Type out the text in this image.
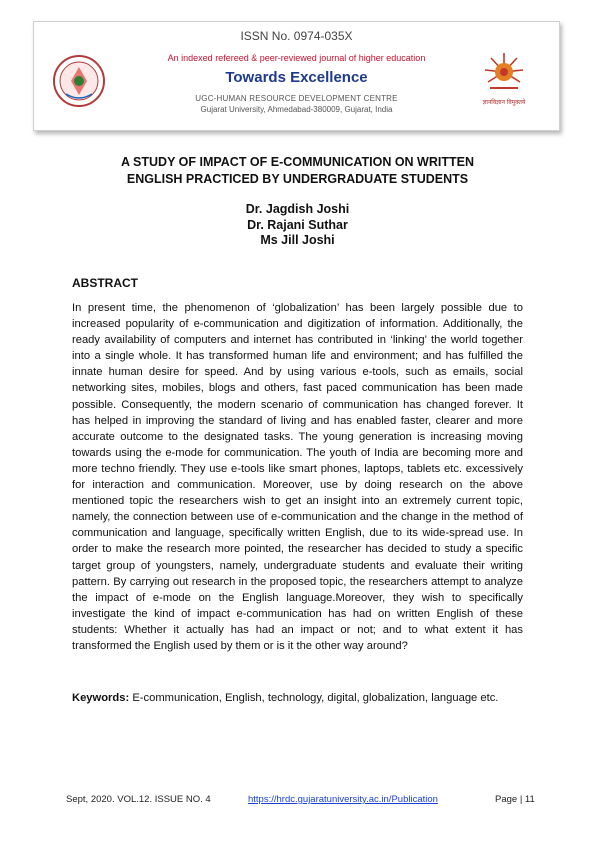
ISSN No. 0974-035X
An indexed refereed & peer-reviewed journal of higher education
Towards Excellence
UGC-HUMAN RESOURCE DEVELOPMENT CENTRE
Gujarat University, Ahmedabad-380009, Gujarat, India
ज्ञानविज्ञान विमुक्तये
A STUDY OF IMPACT OF E-COMMUNICATION ON WRITTEN
ENGLISH PRACTICED BY UNDERGRADUATE STUDENTS
Dr. Jagdish Joshi
Dr. Rajani Suthar
Ms Jill Joshi
ABSTRACT
In present time, the phenomenon of ‘globalization’ has been largely possible due to increased popularity of e-communication and digitization of information. Additionally, the ready availability of computers and internet has contributed in ‘linking’ the world together into a single whole. It has transformed human life and environment; and has fulfilled the innate human desire for speed. And by using various e-tools, such as emails, social networking sites, mobiles, blogs and others, fast paced communication has been made possible. Consequently, the modern scenario of communication has changed forever. It has helped in improving the standard of living and has enabled faster, clearer and more accurate outcome to the designated tasks. The young generation is increasing moving towards using the e-mode for communication. The youth of India are becoming more and more techno friendly. They use e-tools like smart phones, laptops, tablets etc. excessively for interaction and communication. Moreover, use by doing research on the above mentioned topic the researchers wish to get an insight into an extremely current topic, namely, the connection between use of e-communication and the change in the method of communication and language, specifically written English, due to its wide-spread use. In order to make the research more pointed, the researcher has decided to study a specific target group of youngsters, namely, undergraduate students and evaluate their writing pattern. By carrying out research in the proposed topic, the researchers attempt to analyze the impact of e-mode on the English language.Moreover, they wish to specifically investigate the kind of impact e-communication has had on written English of these students: Whether it actually has had an impact or not; and to what extent it has transformed the English used by them or is it the other way around?
Keywords: E-communication, English, technology, digital, globalization, language etc.
Sept, 2020. VOL.12. ISSUE NO. 4	https://hrdc.gujaratuniversity.ac.in/Publication	Page | 11
